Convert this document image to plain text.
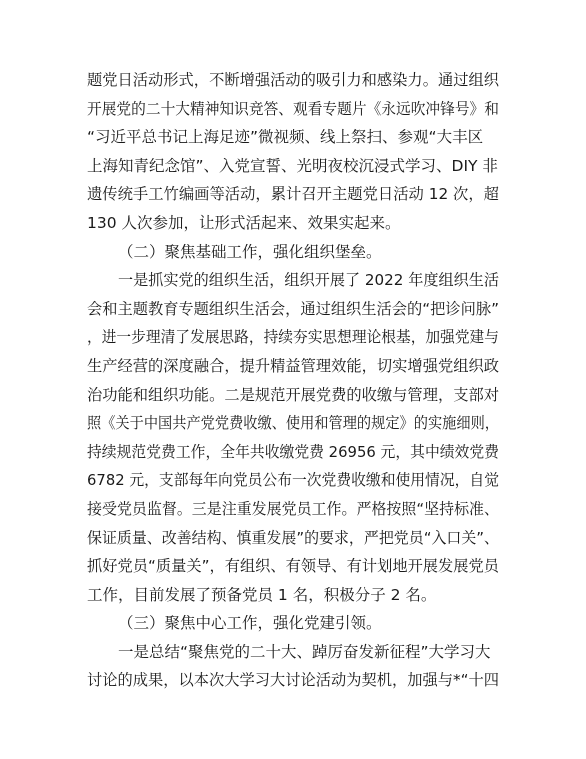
题党日活动形式，不断增强活动的吸引力和感染力。通过组织
开展党的二十大精神知识竞答、观看专题片《永远吹冲锋号》和
“习近平总书记上海足迹”微视频、线上祭扫、参观“大丰区
上海知青纪念馆”、入党宣誓、光明夜校沉浸式学习、DIY 非
遗传统手工竹编画等活动，累计召开主题党日活动 12 次，超
130 人次参加，让形式活起来、效果实起来。
（二）聚焦基础工作，强化组织堡垒。
一是抓实党的组织生活，组织开展了 2022 年度组织生活
会和主题教育专题组织生活会，通过组织生活会的“把诊问脉”
，进一步理清了发展思路，持续夯实思想理论根基，加强党建与
生产经营的深度融合，提升精益管理效能，切实增强党组织政
治功能和组织功能。二是规范开展党费的收缴与管理，支部对
照《关于中国共产党党费收缴、使用和管理的规定》的实施细则，
持续规范党费工作，全年共收缴党费 26956 元，其中绩效党费
6782 元，支部每年向党员公布一次党费收缴和使用情况，自觉
接受党员监督。三是注重发展党员工作。严格按照“坚持标准、
保证质量、改善结构、慎重发展”的要求，严把党员“入口关”、
抓好党员“质量关”，有组织、有领导、有计划地开展发展党员
工作，目前发展了预备党员 1 名，积极分子 2 名。
（三）聚焦中心工作，强化党建引领。
一是总结“聚焦党的二十大、踔厉奋发新征程”大学习大
讨论的成果，以本次大学习大讨论活动为契机，加强与*“十四
